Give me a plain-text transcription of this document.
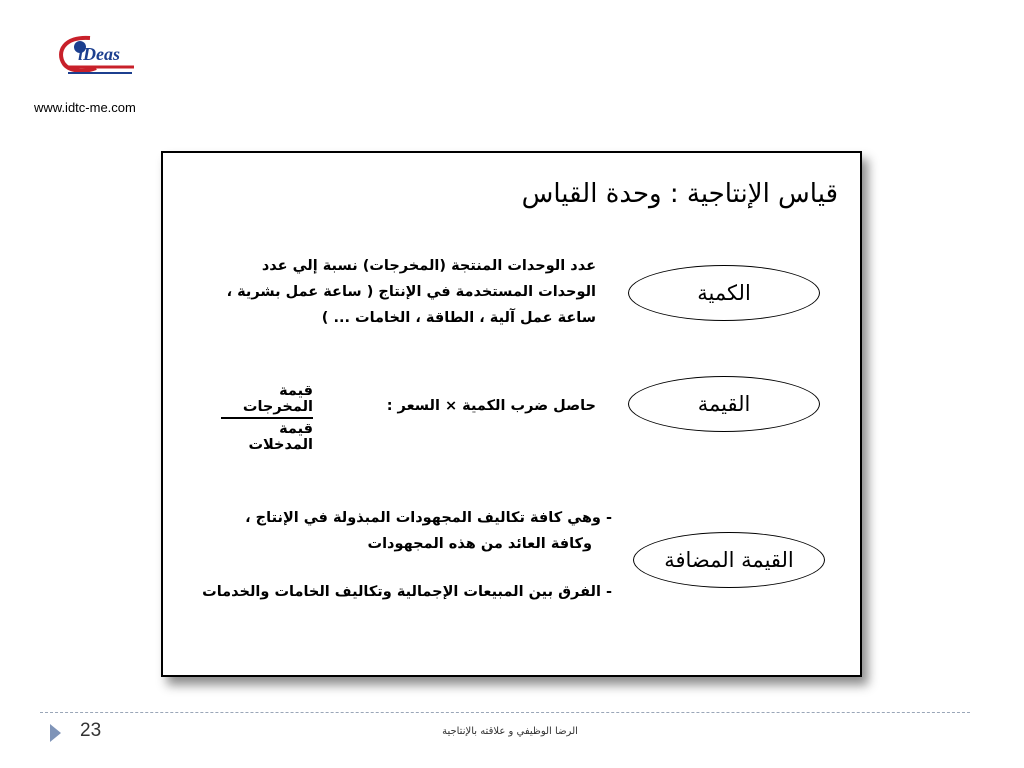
iDeas
www.idtc-me.com
قياس الإنتاجية : وحدة القياس
الكمية
عدد الوحدات المنتجة (المخرجات) نسبة إلي عدد
الوحدات المستخدمة في الإنتاج ( ساعة عمل بشرية ،
ساعة عمل آلية ، الطاقة ، الخامات ... )
القيمة
حاصل ضرب الكمية × السعر :
قيمة المخرجات
قيمة المدخلات
القيمة المضافة
- وهي كافة تكاليف المجهودات المبذولة في الإنتاج ،
وكافة العائد من هذه المجهودات
- الفرق بين المبيعات الإجمالية وتكاليف الخامات والخدمات
23	الرضا الوظيفي و علاقته بالإنتاجية
